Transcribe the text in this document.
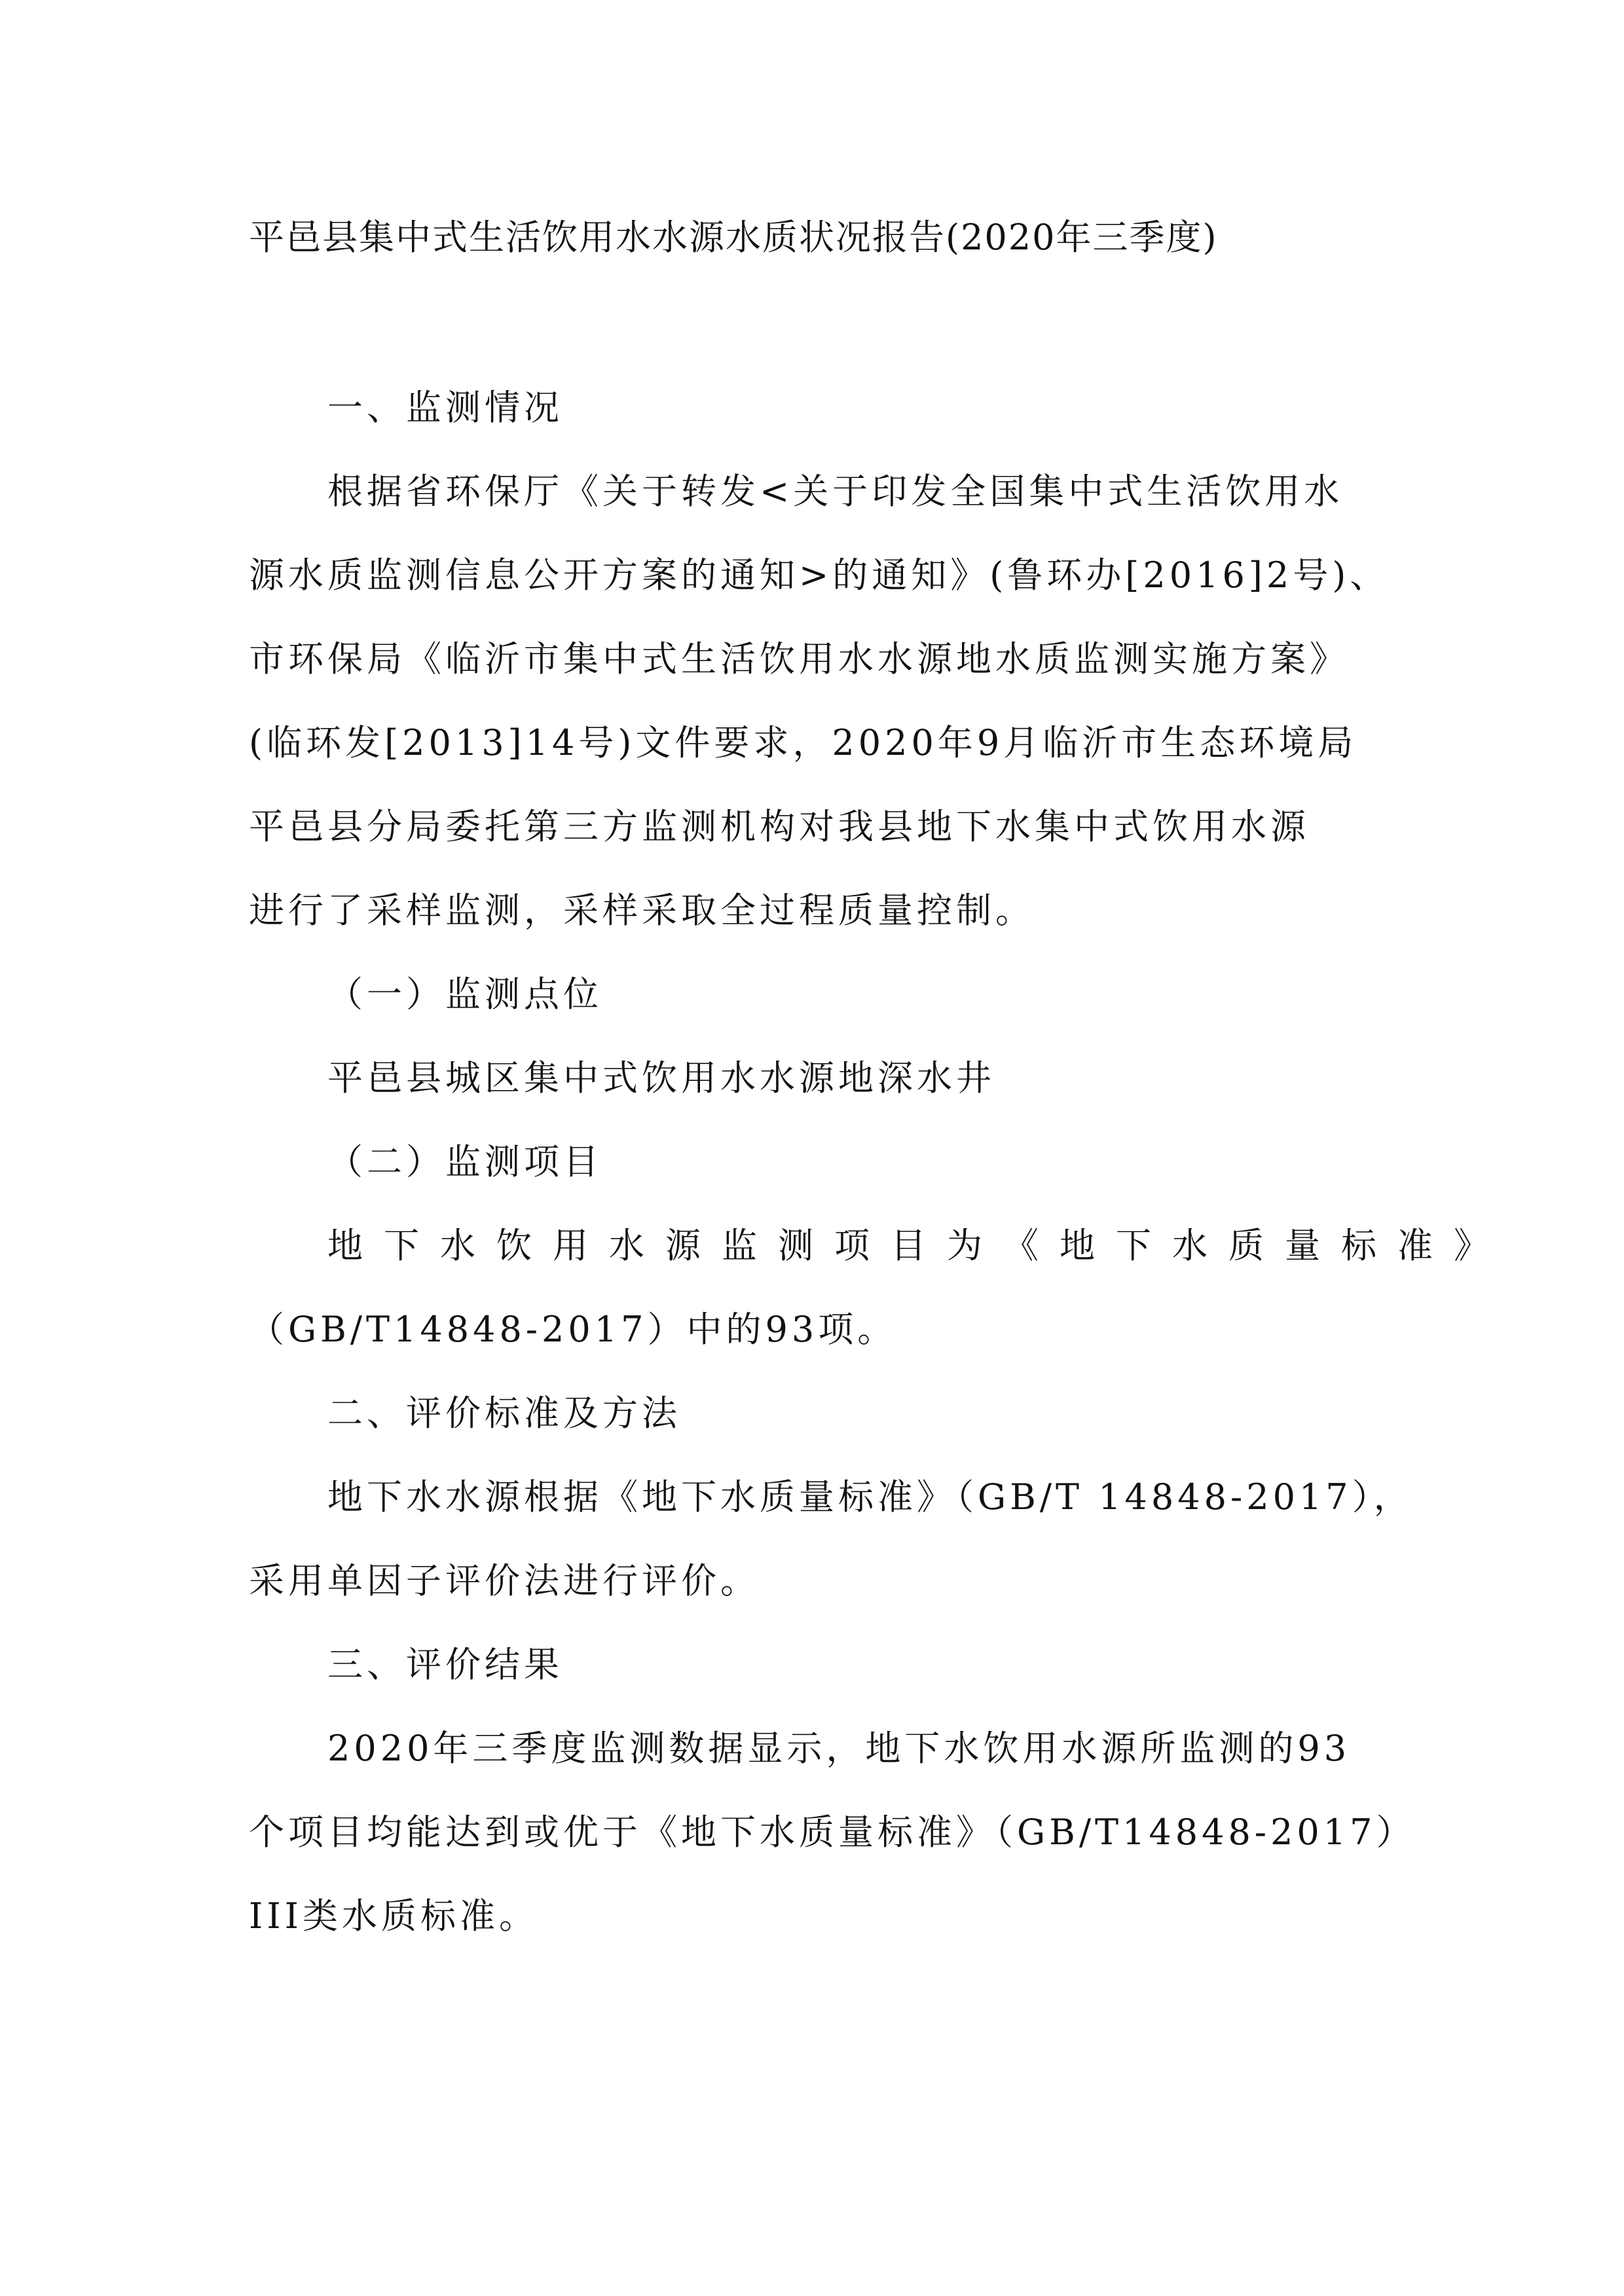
平邑县集中式生活饮用水水源水质状况报告(2020年三季度)
一、监测情况
根据省环保厅《关于转发<关于印发全国集中式生活饮用水
源水质监测信息公开方案的通知>的通知》(鲁环办[2016]2号)、
市环保局《临沂市集中式生活饮用水水源地水质监测实施方案》
(临环发[2013]14号)文件要求，2020年9月临沂市生态环境局
平邑县分局委托第三方监测机构对我县地下水集中式饮用水源
进行了采样监测，采样采取全过程质量控制。
（一）监测点位
平邑县城区集中式饮用水水源地深水井
（二）监测项目
地下水饮用水源监测项目为《地下水质量标准》
（GB/T14848-2017）中的93项。
二、评价标准及方法
地下水水源根据《地下水质量标准》（GB/T 14848-2017），
采用单因子评价法进行评价。
三、评价结果
2020年三季度监测数据显示，地下水饮用水源所监测的93
个项目均能达到或优于《地下水质量标准》（GB/T14848-2017）
III类水质标准。
